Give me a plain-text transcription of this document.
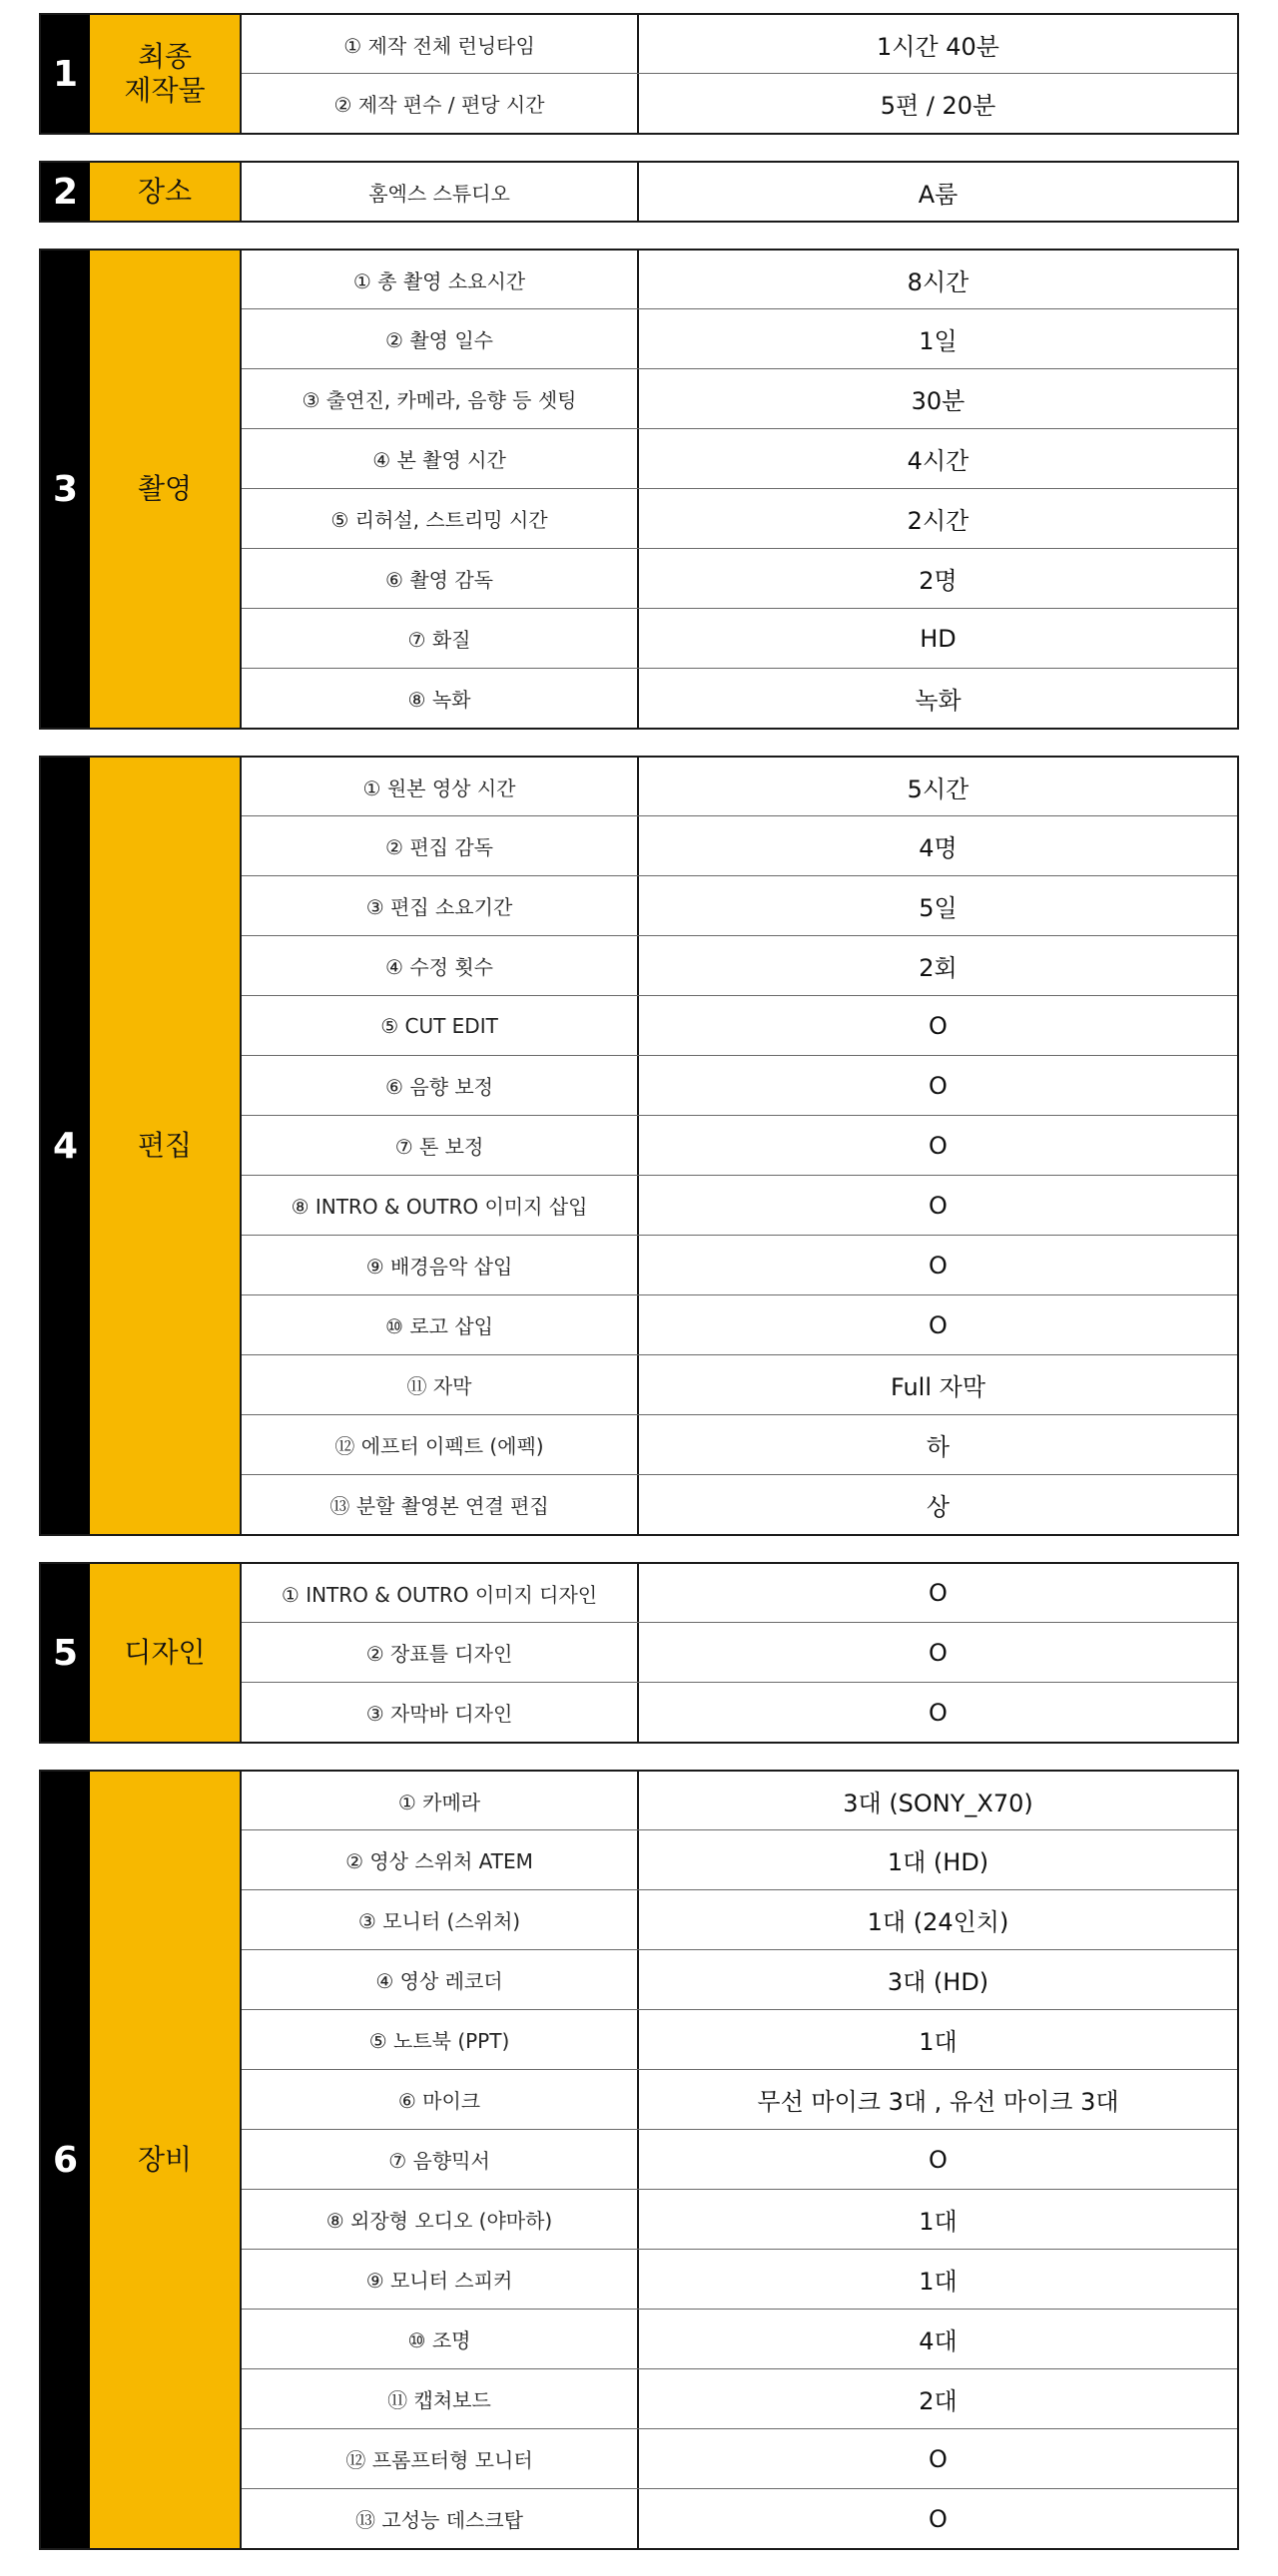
1	최종
제작물
① 제작 전체 런닝타임	1시간 40분
② 제작 편수 / 편당 시간	5편 / 20분
2	장소	홈엑스 스튜디오	A룸
3	촬영
① 총 촬영 소요시간	8시간
② 촬영 일수	1일
③ 출연진, 카메라, 음향 등 셋팅	30분
④ 본 촬영 시간	4시간
⑤ 리허설, 스트리밍 시간	2시간
⑥ 촬영 감독	2명
⑦ 화질	HD
⑧ 녹화	녹화
4	편집
① 원본 영상 시간	5시간
② 편집 감독	4명
③ 편집 소요기간	5일
④ 수정 횟수	2회
⑤ CUT EDIT	O
⑥ 음향 보정	O
⑦ 톤 보정	O
⑧ INTRO & OUTRO 이미지 삽입	O
⑨ 배경음악 삽입	O
⑩ 로고 삽입	O
⑪ 자막	Full 자막
⑫ 에프터 이펙트 (에펙)	하
⑬ 분할 촬영본 연결 편집	상
5	디자인
① INTRO & OUTRO 이미지 디자인	O
② 장표틀 디자인	O
③ 자막바 디자인	O
6	장비
① 카메라	3대 (SONY_X70)
② 영상 스위처 ATEM	1대 (HD)
③ 모니터 (스위처)	1대 (24인치)
④ 영상 레코더	3대 (HD)
⑤ 노트북 (PPT)	1대
⑥ 마이크	무선 마이크 3대 , 유선 마이크 3대
⑦ 음향믹서	O
⑧ 외장형 오디오 (야마하)	1대
⑨ 모니터 스피커	1대
⑩ 조명	4대
⑪ 캡쳐보드	2대
⑫ 프롬프터형 모니터	O
⑬ 고성능 데스크탑	O
